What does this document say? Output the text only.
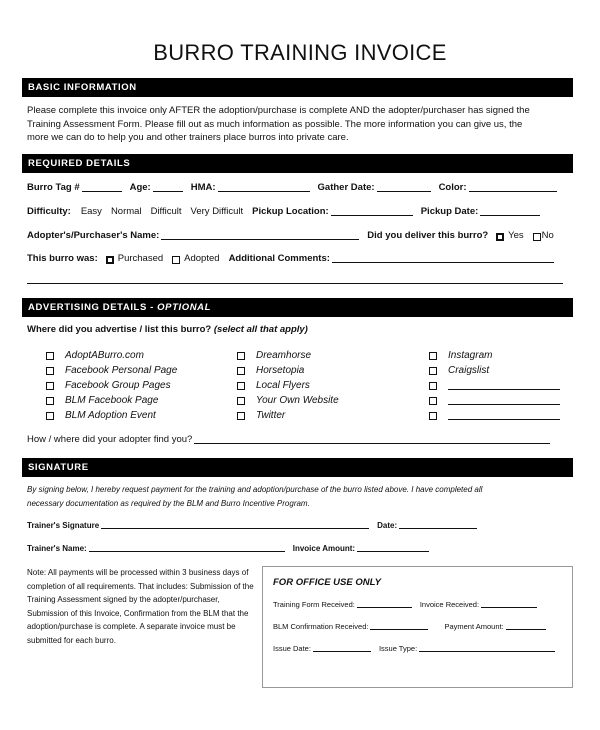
BURRO TRAINING INVOICE
BASIC INFORMATION
Please complete this invoice only AFTER the adoption/purchase is complete AND the adopter/purchaser has signed the
Training Assessment Form. Please fill out as much information as possible. The more information you can give us, the
more we can do to help you and other trainers place burros into private care.
REQUIRED DETAILS
Burro Tag #	Age:	HMA:	Gather Date:	Color:
Difficulty: Easy Normal Difficult Very Difficult Pickup Location:	Pickup Date:
Adopter's/Purchaser's Name:	Did you deliver this burro? Yes No
This burro was: Purchased Adopted Additional Comments:
ADVERTISING DETAILS - OPTIONAL
Where did you advertise / list this burro? (select all that apply)
AdoptABurro.com
Facebook Personal Page
Facebook Group Pages
BLM Facebook Page
BLM Adoption Event
Dreamhorse
Horsetopia
Local Flyers
Your Own Website
Twitter
Instagram
Craigslist
How / where did your adopter find you?
SIGNATURE
By signing below, I hereby request payment for the training and adoption/purchase of the burro listed above. I have completed all
necessary documentation as required by the BLM and Burro Incentive Program.
Trainer's Signature	Date:
Trainer's Name:	Invoice Amount:
Note: All payments will be processed within 3 business days of completion of all requirements. That includes: Submission of the Training Assessment signed by the adopter/purchaser, Submission of this Invoice, Confirmation from the BLM that the adoption/purchase is complete. A separate invoice must be submitted for each burro.
FOR OFFICE USE ONLY
Training Form Received:	Invoice Received:
BLM Confirmation Received:	Payment Amount:
Issue Date:	Issue Type:
